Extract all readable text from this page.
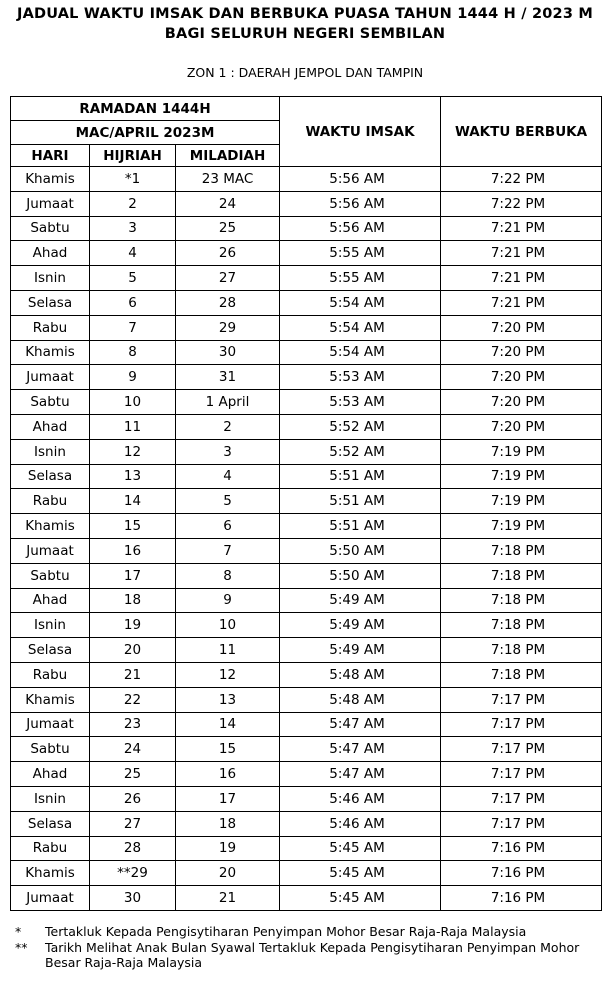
JADUAL WAKTU IMSAK DAN BERBUKA PUASA TAHUN 1444 H / 2023 M
BAGI SELURUH NEGERI SEMBILAN
ZON 1 : DAERAH JEMPOL DAN TAMPIN
RAMADAN 1444H			WAKTU IMSAK	WAKTU BERBUKA
MAC/APRIL 2023M				
HARI	HIJRIAH	MILADIAH		
Khamis	*1	23 MAC	5:56 AM	7:22 PM
Jumaat	2	24	5:56 AM	7:22 PM
Sabtu	3	25	5:56 AM	7:21 PM
Ahad	4	26	5:55 AM	7:21 PM
Isnin	5	27	5:55 AM	7:21 PM
Selasa	6	28	5:54 AM	7:21 PM
Rabu	7	29	5:54 AM	7:20 PM
Khamis	8	30	5:54 AM	7:20 PM
Jumaat	9	31	5:53 AM	7:20 PM
Sabtu	10	1 April	5:53 AM	7:20 PM
Ahad	11	2	5:52 AM	7:20 PM
Isnin	12	3	5:52 AM	7:19 PM
Selasa	13	4	5:51 AM	7:19 PM
Rabu	14	5	5:51 AM	7:19 PM
Khamis	15	6	5:51 AM	7:19 PM
Jumaat	16	7	5:50 AM	7:18 PM
Sabtu	17	8	5:50 AM	7:18 PM
Ahad	18	9	5:49 AM	7:18 PM
Isnin	19	10	5:49 AM	7:18 PM
Selasa	20	11	5:49 AM	7:18 PM
Rabu	21	12	5:48 AM	7:18 PM
Khamis	22	13	5:48 AM	7:17 PM
Jumaat	23	14	5:47 AM	7:17 PM
Sabtu	24	15	5:47 AM	7:17 PM
Ahad	25	16	5:47 AM	7:17 PM
Isnin	26	17	5:46 AM	7:17 PM
Selasa	27	18	5:46 AM	7:17 PM
Rabu	28	19	5:45 AM	7:16 PM
Khamis	**29	20	5:45 AM	7:16 PM
Jumaat	30	21	5:45 AM	7:16 PM
*	Tertakluk Kepada Pengisytiharan Penyimpan Mohor Besar Raja-Raja Malaysia
**	Tarikh Melihat Anak Bulan Syawal Tertakluk Kepada Pengisytiharan Penyimpan Mohor Besar Raja-Raja Malaysia
